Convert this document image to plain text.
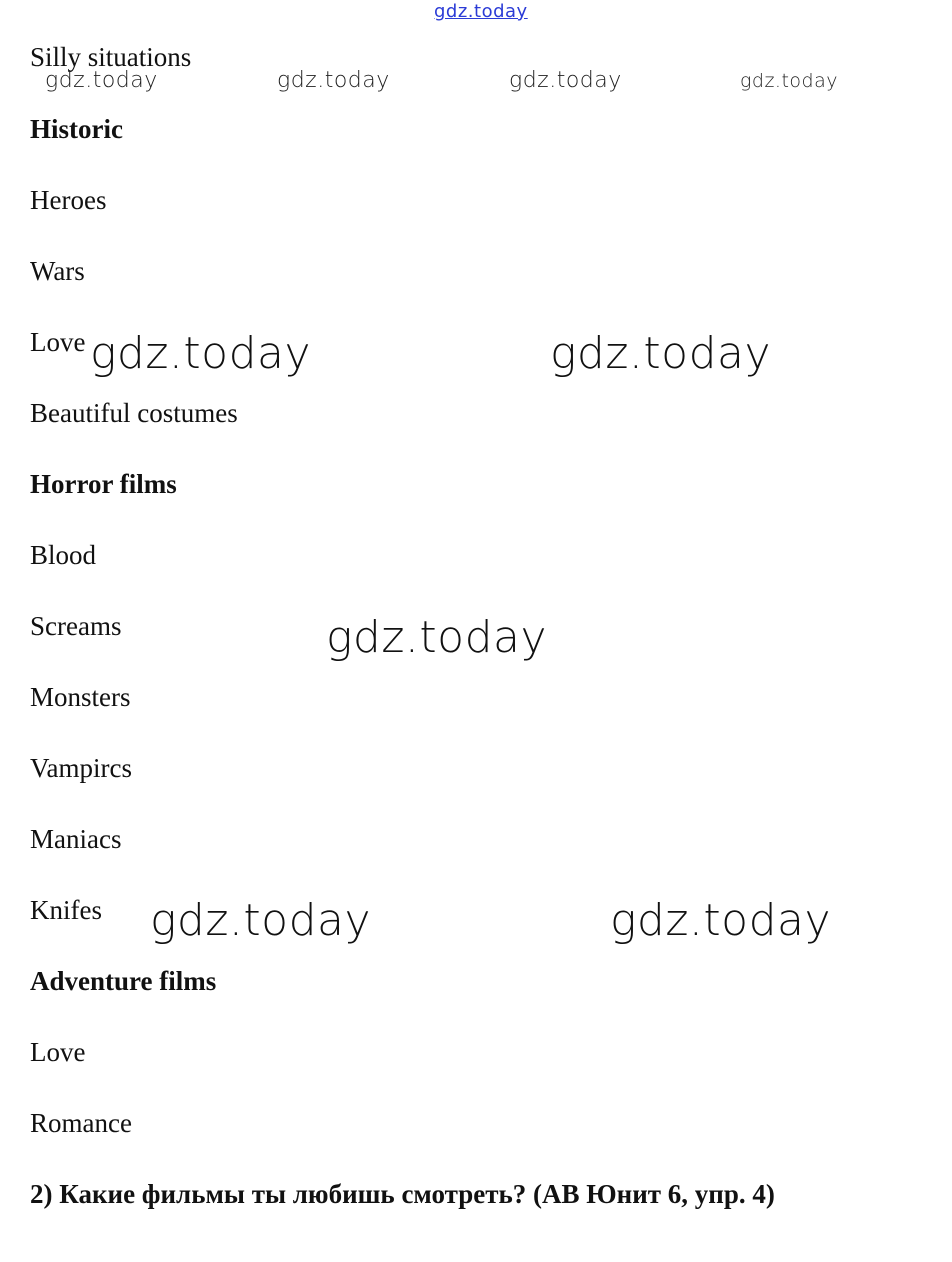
gdz.today
Silly situations
Historic
Heroes
Wars
Love
Beautiful costumes
Horror films
Blood
Screams
Monsters
Vampircs
Maniacs
Knifes
Adventure films
Love
Romance
2) Какие фильмы ты любишь смотреть? (AB Юнит 6, упр. 4)
gdz.today	gdz.today	gdz.today	gdz.today
gdz.today	gdz.today
gdz.today
gdz.today	gdz.today
